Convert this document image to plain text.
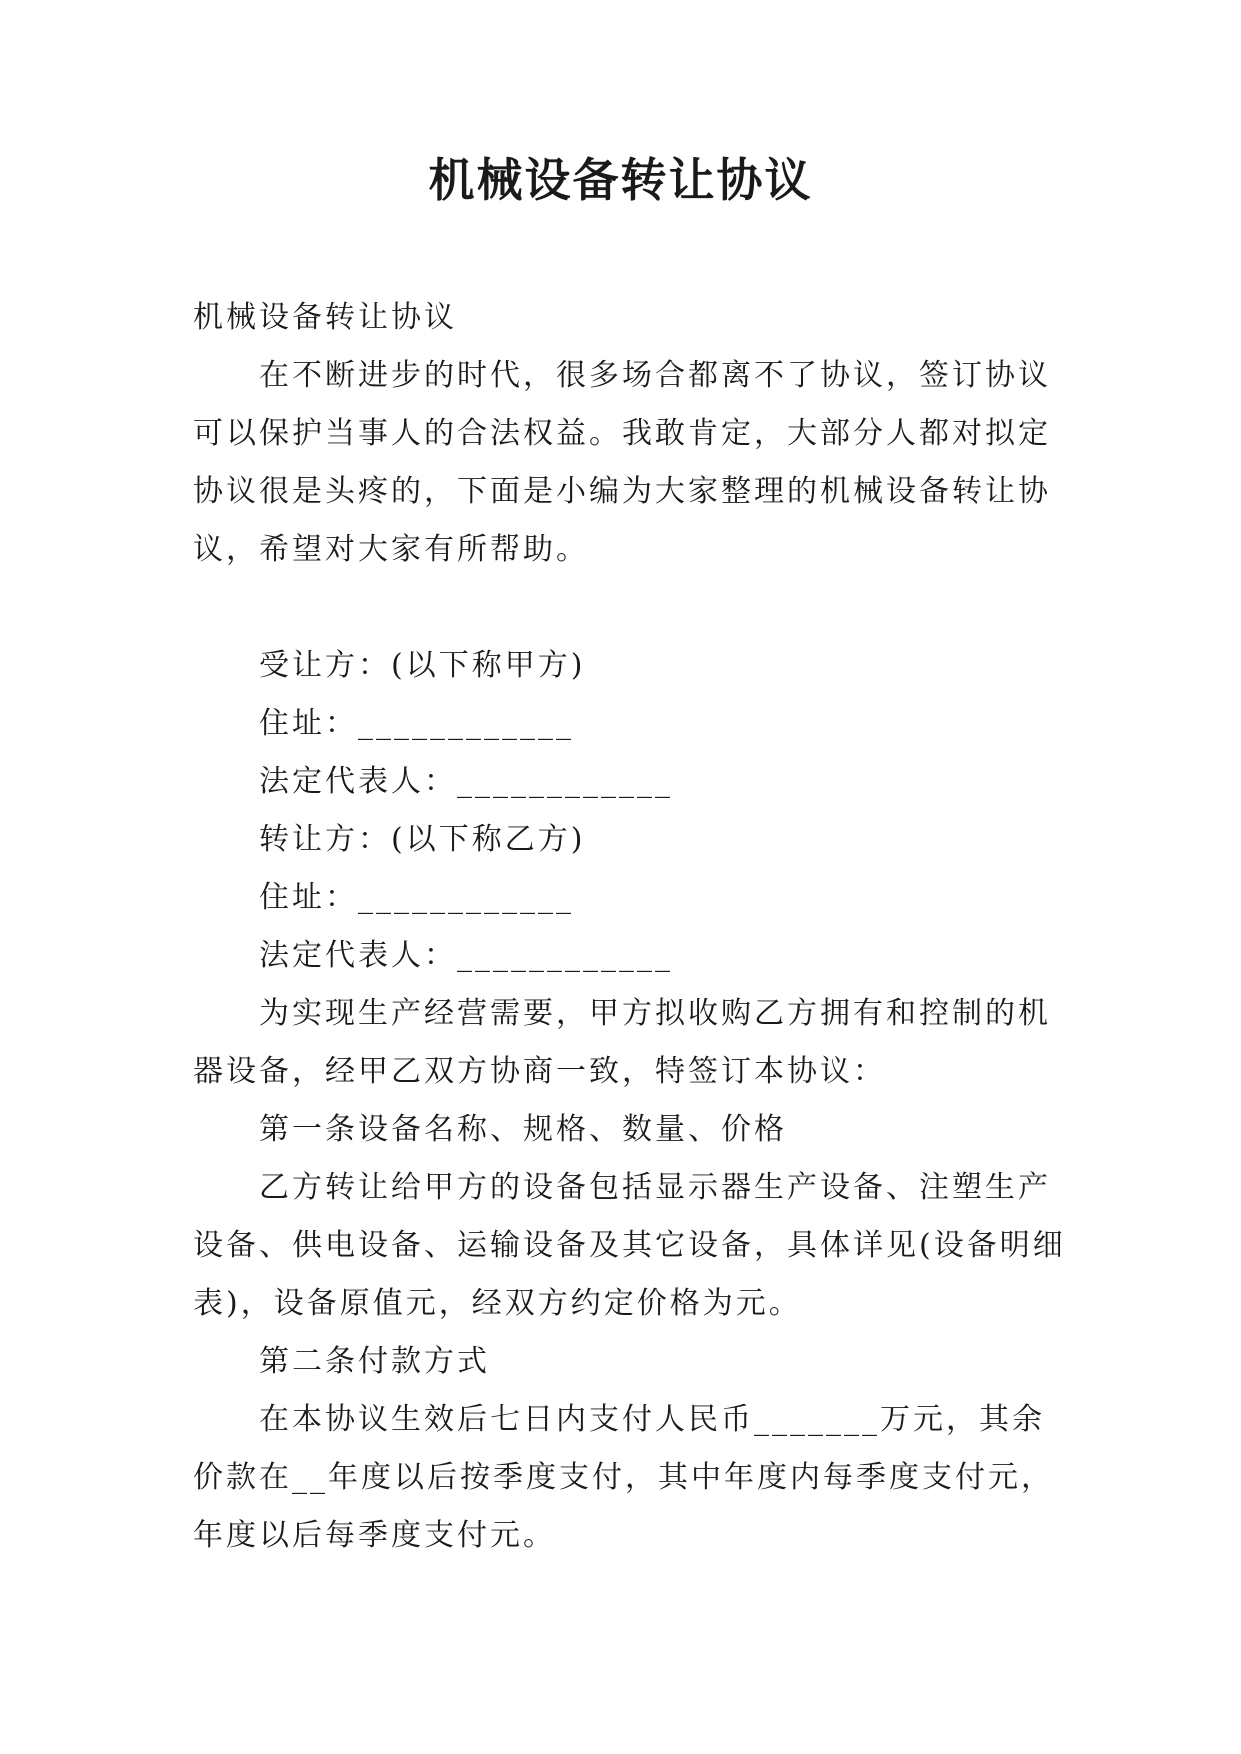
机械设备转让协议

机械设备转让协议

在不断进步的时代，很多场合都离不了协议，签订协议可以保护当事人的合法权益。我敢肯定，大部分人都对拟定协议很是头疼的，下面是小编为大家整理的机械设备转让协议，希望对大家有所帮助。

受让方：(以下称甲方)

住址：____________

法定代表人：____________

转让方：(以下称乙方)

住址：____________

法定代表人：____________

为实现生产经营需要，甲方拟收购乙方拥有和控制的机器设备，经甲乙双方协商一致，特签订本协议：

第一条设备名称、规格、数量、价格

乙方转让给甲方的设备包括显示器生产设备、注塑生产设备、供电设备、运输设备及其它设备，具体详见(设备明细表)，设备原值元，经双方约定价格为元。

第二条付款方式

在本协议生效后七日内支付人民币_______万元，其余价款在__年度以后按季度支付，其中年度内每季度支付元，年度以后每季度支付元。
